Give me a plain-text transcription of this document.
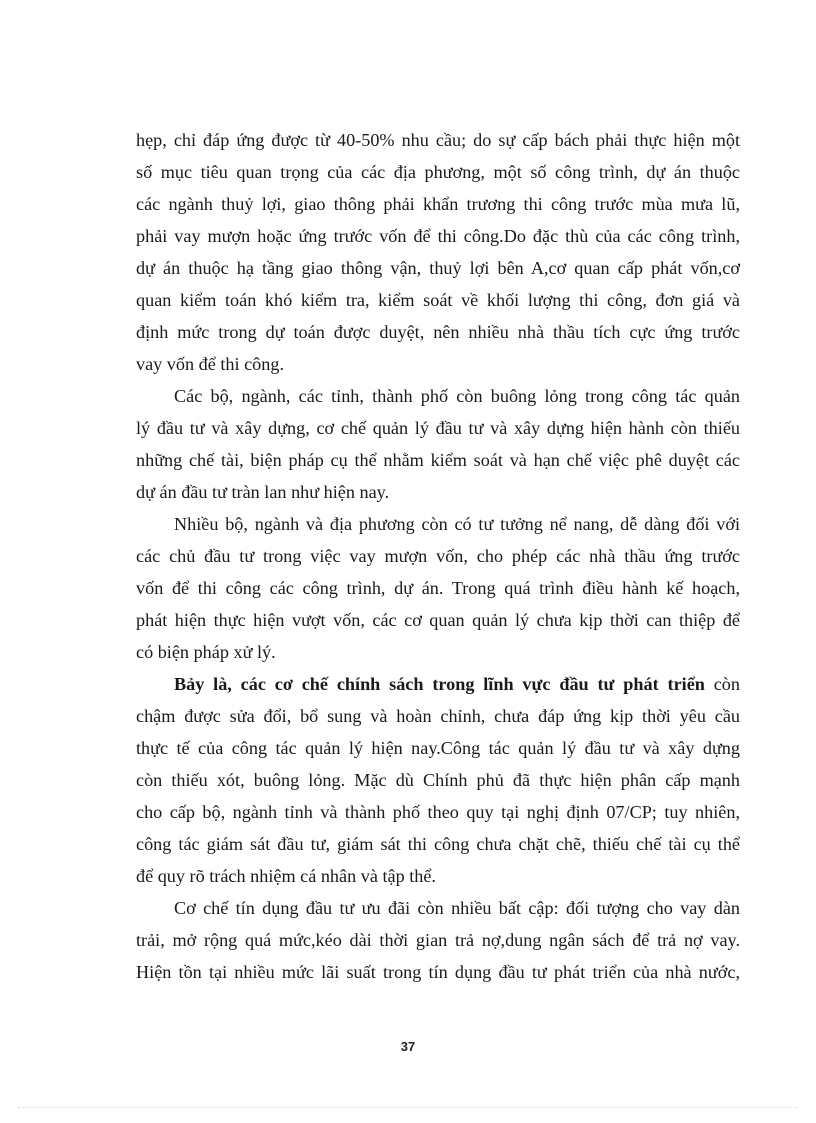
hẹp, chỉ đáp ứng được từ 40-50% nhu cầu; do sự cấp bách phải thực hiện một
số mục tiêu quan trọng của các địa phương, một số công trình, dự án thuộc
các ngành thuỷ lợi, giao thông phải khẩn trương thi công trước mùa mưa lũ,
phải vay mượn hoặc ứng trước vốn để thi công.Do đặc thù của các công trình,
dự án thuộc hạ tầng giao thông vận, thuỷ lợi bên A,cơ quan cấp phát vốn,cơ
quan kiểm toán khó kiểm tra, kiểm soát về khối lượng thi công, đơn giá và
định mức trong dự toán được duyệt, nên nhiều nhà thầu tích cực ứng trước
vay vốn để thi công.
Các bộ, ngành, các tỉnh, thành phố còn buông lỏng trong công tác quản
lý đầu tư và xây dựng, cơ chế quản lý đầu tư và xây dựng hiện hành còn thiếu
những chế tài, biện pháp cụ thể nhằm kiểm soát và hạn chế việc phê duyệt các
dự án đầu tư tràn lan như hiện nay.
Nhiều bộ, ngành và địa phương còn có tư tưởng nể nang, dễ dàng đối với
các chủ đầu tư trong việc vay mượn vốn, cho phép các nhà thầu ứng trước
vốn để thi công các công trình, dự án. Trong quá trình điều hành kế hoạch,
phát hiện thực hiện vượt vốn, các cơ quan quản lý chưa kịp thời can thiệp để
có biện pháp xử lý.
Bảy là, các cơ chế chính sách trong lĩnh vực đầu tư phát triển còn
chậm được sửa đổi, bổ sung và hoàn chỉnh, chưa đáp ứng kịp thời yêu cầu
thực tế của công tác quản lý hiện nay.Công tác quản lý đầu tư và xây dựng
còn thiếu xót, buông lỏng. Mặc dù Chính phủ đã thực hiện phân cấp mạnh
cho cấp bộ, ngành tỉnh và thành phố theo quy tại nghị định 07/CP; tuy nhiên,
công tác giám sát đầu tư, giám sát thi công chưa chặt chẽ, thiếu chế tài cụ thể
để quy rõ trách nhiệm cá nhân và tập thể.
Cơ chế tín dụng đầu tư ưu đãi còn nhiều bất cập: đối tượng cho vay dàn
trải, mở rộng quá mức,kéo dài thời gian trả nợ,dung ngân sách để trả nợ vay.
Hiện tồn tại nhiều mức lãi suất trong tín dụng đầu tư phát triển của nhà nước,
37
